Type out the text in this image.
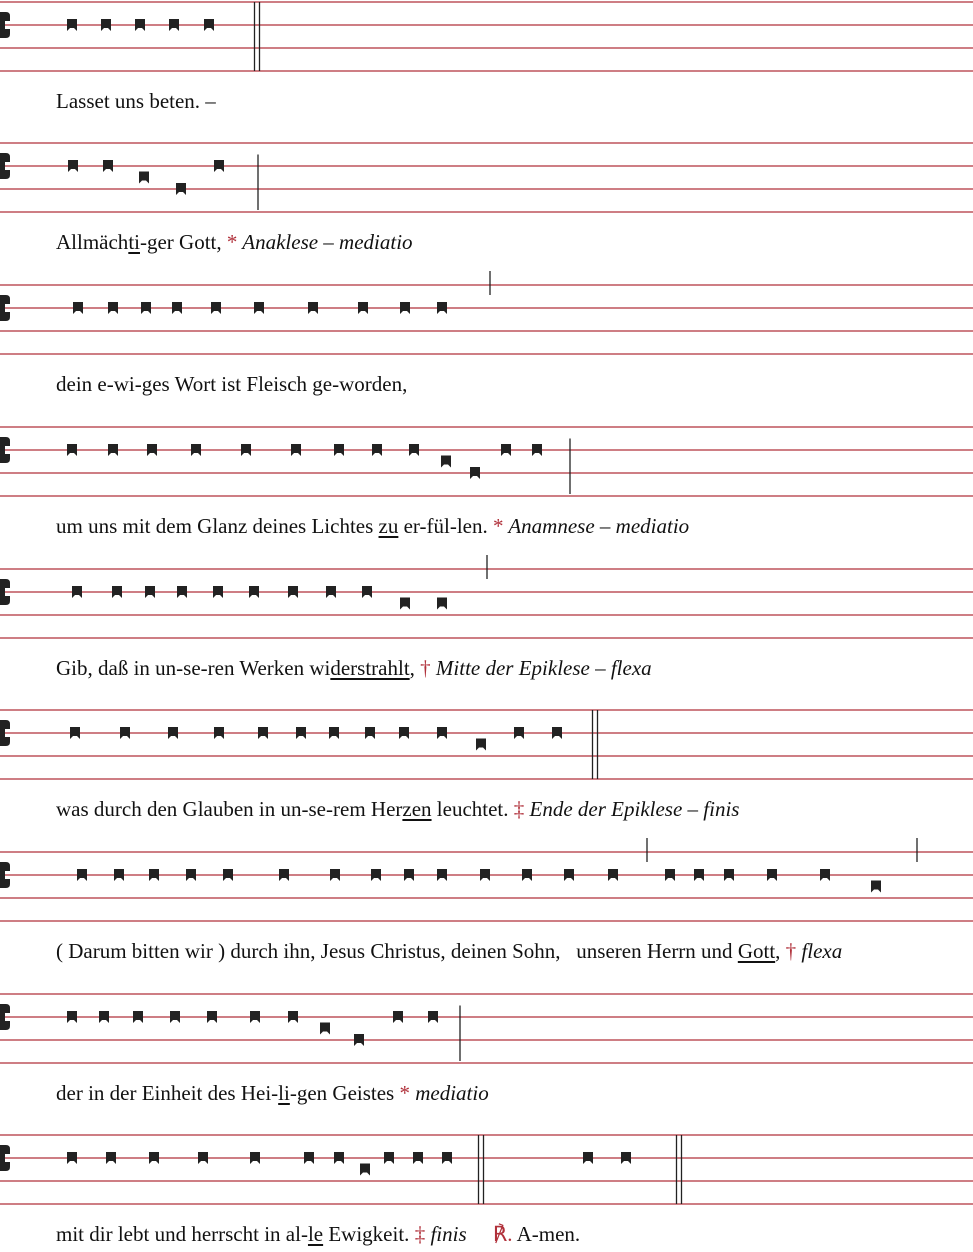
Lasset uns beten. –
Allmächti-ger Gott, * Anaklese – mediatio
dein e-wi-ges Wort ist Fleisch ge-worden,
um uns mit dem Glanz deines Lichtes zu er-fül-len. * Anamnese – mediatio
Gib, daß in un-se-ren Werken widerstrahlt, † Mitte der Epiklese – flexa
was durch den Glauben in un-se-rem Herzen leuchtet. ‡ Ende der Epiklese – finis
( Darum bitten wir ) durch ihn, Jesus Christus, deinen Sohn,   unseren Herrn und Gott, † flexa
der in der Einheit des Hei-li-gen Geistes * mediatio
mit dir lebt und herrscht in al-le Ewigkeit. ‡ finis ℟. A-men.
